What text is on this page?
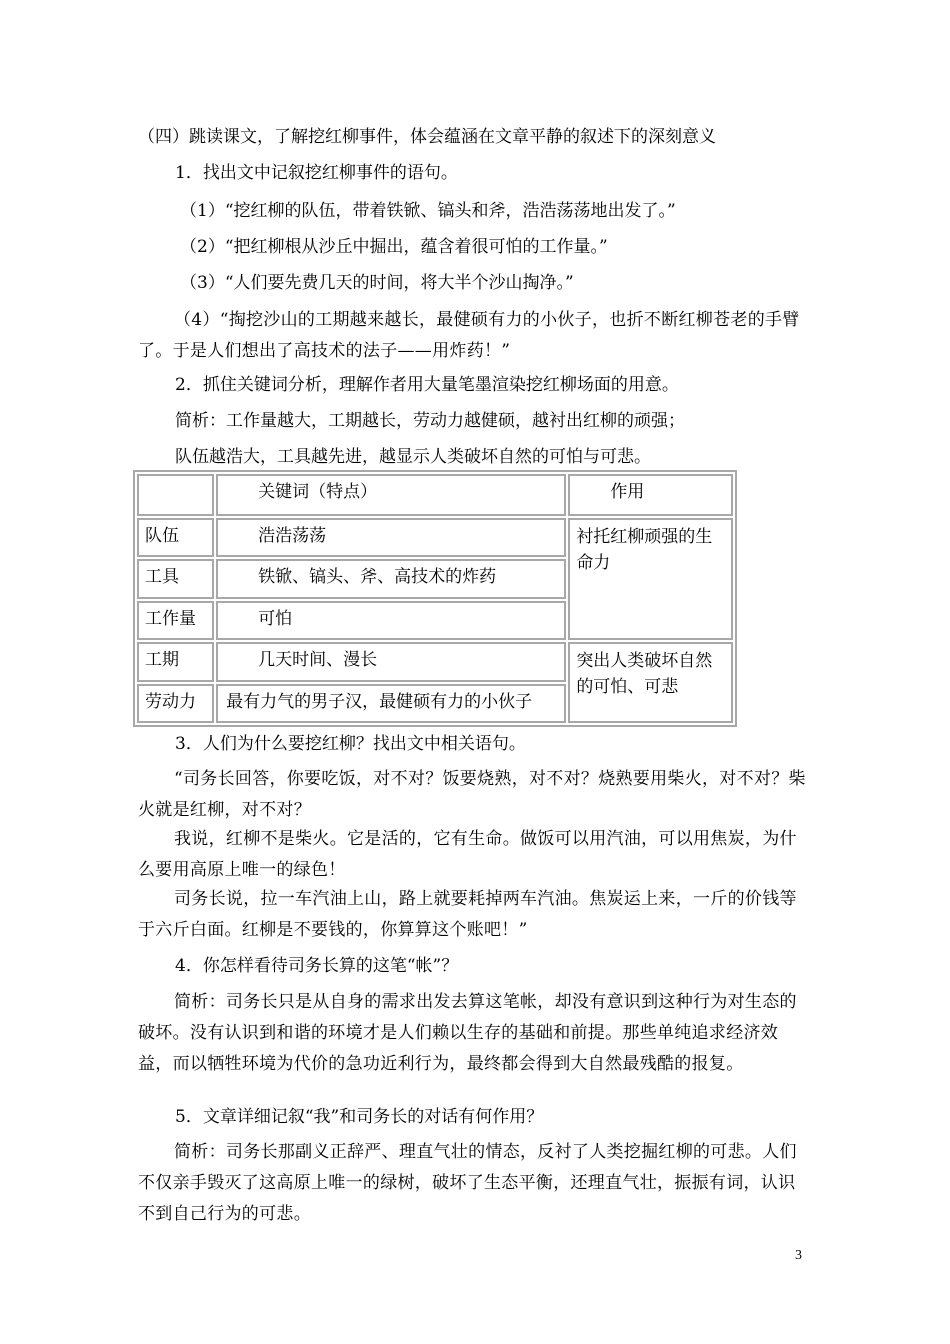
（四）跳读课文，了解挖红柳事件，体会蕴涵在文章平静的叙述下的深刻意义
1．找出文中记叙挖红柳事件的语句。
（1）“挖红柳的队伍，带着铁锨、镐头和斧，浩浩荡荡地出发了。”
（2）“把红柳根从沙丘中掘出，蕴含着很可怕的工作量。”
（3）“人们要先费几天的时间，将大半个沙山掏净。”
（4）“掏挖沙山的工期越来越长，最健硕有力的小伙子，也折不断红柳苍老的手臂了。于是人们想出了高技术的法子——用炸药！”
2．抓住关键词分析，理解作者用大量笔墨渲染挖红柳场面的用意。
简析：工作量越大，工期越长，劳动力越健硕，越衬出红柳的顽强；
队伍越浩大，工具越先进，越显示人类破坏自然的可怕与可悲。
	关键词（特点）	作用
队伍	浩浩荡荡	衬托红柳顽强的生命力
工具	铁锨、镐头、斧、高技术的炸药	
工作量	可怕	
工期	几天时间、漫长	突出人类破坏自然的可怕、可悲
劳动力	最有力气的男子汉，最健硕有力的小伙子	
3．人们为什么要挖红柳？找出文中相关语句。
“司务长回答，你要吃饭，对不对？饭要烧熟，对不对？烧熟要用柴火，对不对？柴火就是红柳，对不对？
我说，红柳不是柴火。它是活的，它有生命。做饭可以用汽油，可以用焦炭，为什么要用高原上唯一的绿色！
司务长说，拉一车汽油上山，路上就要耗掉两车汽油。焦炭运上来，一斤的价钱等于六斤白面。红柳是不要钱的，你算算这个账吧！”
4．你怎样看待司务长算的这笔“帐”？
简析：司务长只是从自身的需求出发去算这笔帐，却没有意识到这种行为对生态的破坏。没有认识到和谐的环境才是人们赖以生存的基础和前提。那些单纯追求经济效益，而以牺牲环境为代价的急功近利行为，最终都会得到大自然最残酷的报复。
5．文章详细记叙“我”和司务长的对话有何作用？
简析：司务长那副义正辞严、理直气壮的情态，反衬了人类挖掘红柳的可悲。人们不仅亲手毁灭了这高原上唯一的绿树，破坏了生态平衡，还理直气壮，振振有词，认识不到自己行为的可悲。
3
